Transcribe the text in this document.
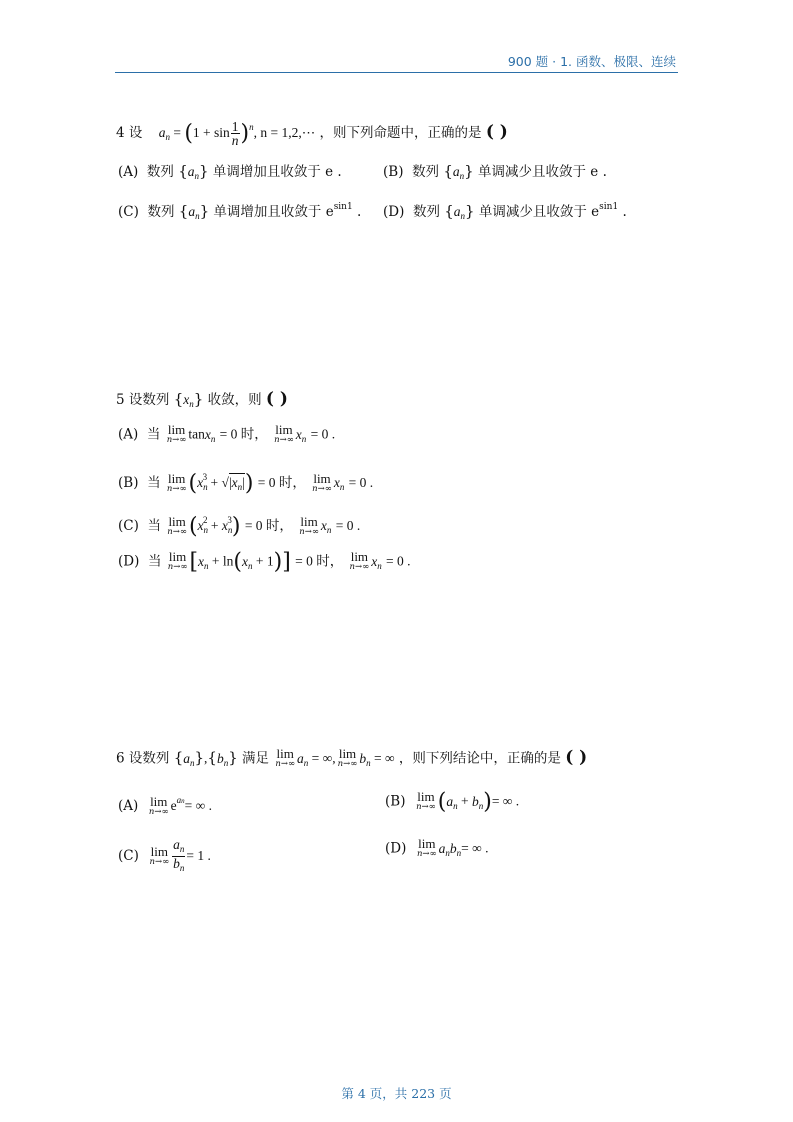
900 题 · 1. 函数、极限、连续
4 设 $a_n = (1 + \sin \frac{1}{n} )^n$, n = 1,2,⋯ ，则下列命题中，正确的是 ( )
(A) 数列 $\{a_n\}$ 单调增加且收敛于 e .	(B) 数列 $\{a_n\}$ 单调减少且收敛于 e .
(C) 数列 $\{a_n\}$ 单调增加且收敛于 $e^{sin1}$ . (D) 数列 $\{a_n\}$ 单调减少且收敛于 $e^{sin1}$ .
5 设数列 $\{x_n\}$ 收敛，则 ( )
(A) 当 lim
n→∞ tanx$_n$ = 0 时， lim
n→∞ $x_n = 0$ .
(B) 当 lim
n→∞ $(x_n^3 + √|x_n|) = 0$ 时， lim
n→∞ $x_n = 0$ .
(C) 当 lim
n→∞ $(x_n^2 + x_n^3) = 0$ 时， lim
n→∞ $x_n = 0$ .
(D) 当 lim
n→∞ $[x_n + \ln(x_n + 1)] = 0$ 时， lim
n→∞ $x_n = 0$ .
6 设数列 $\{a_n\},\{b_n\}$ 满足 lim
n→∞ $a_n$ = ∞, lim
n→∞ $b_n$ = ∞ ，则下列结论中，正确的是 ( )
(A) lim
n→∞ $e^{an}=$ ∞ .	(B) lim
n→∞ $(a_n + b_n)=$ ∞ .
(C) lim
$n\to\infty \frac{a_n}{b_n} = 1$ .	(D) lim
n→∞ $a_nb_n=$ ∞ .
第 4 页，共 223 页
